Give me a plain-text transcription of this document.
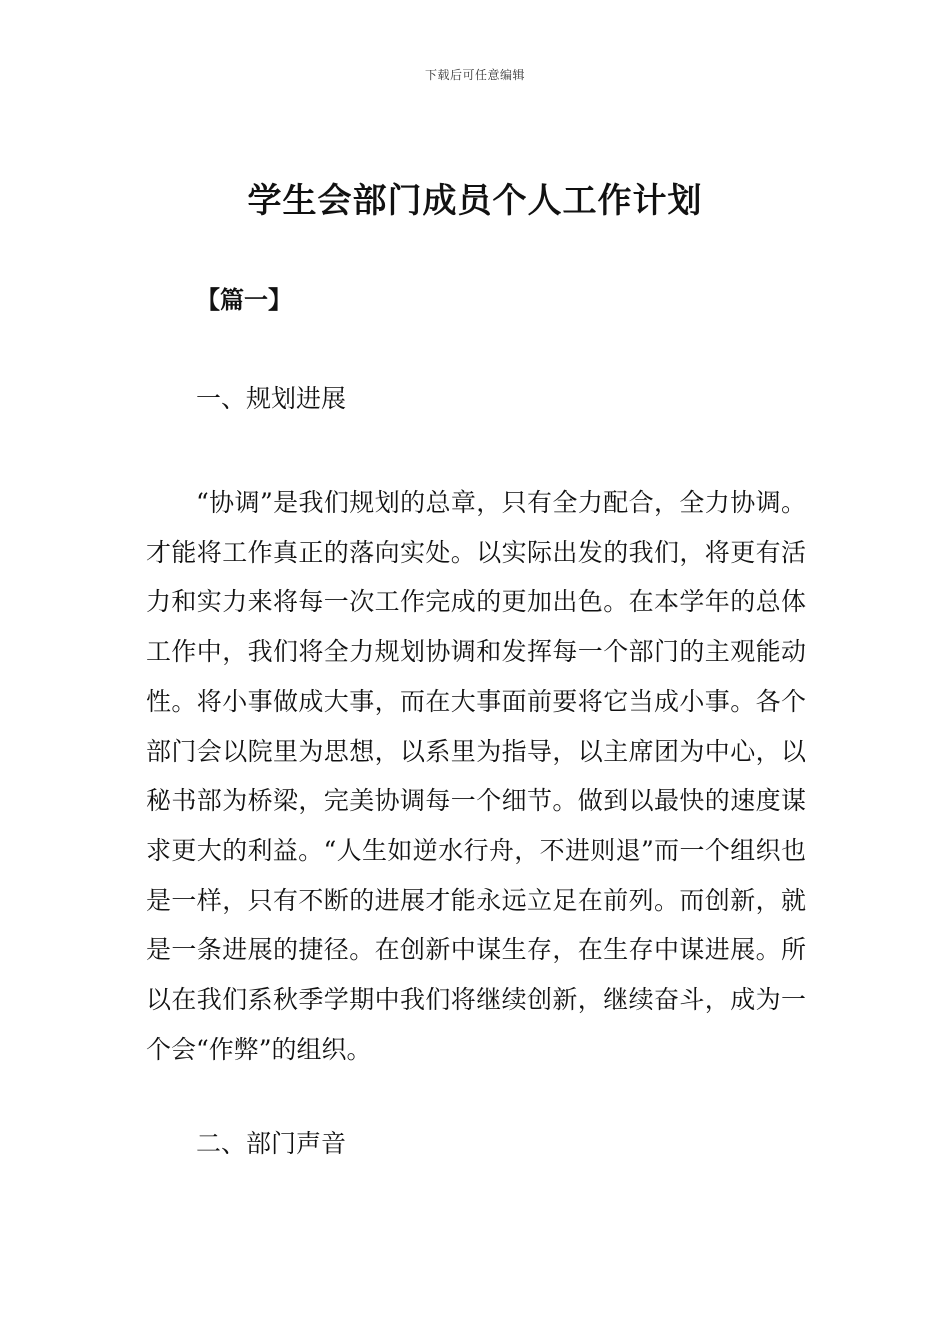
下载后可任意编辑
学生会部门成员个人工作计划
【篇一】
一、规划进展

“协调”是我们规划的总章，只有全力配合，全力协调。才能将工作真正的落向实处。以实际出发的我们，将更有活力和实力来将每一次工作完成的更加出色。在本学年的总体工作中，我们将全力规划协调和发挥每一个部门的主观能动性。将小事做成大事，而在大事面前要将它当成小事。各个部门会以院里为思想，以系里为指导，以主席团为中心，以秘书部为桥梁，完美协调每一个细节。做到以最快的速度谋求更大的利益。“人生如逆水行舟，不进则退”而一个组织也是一样，只有不断的进展才能永远立足在前列。而创新，就是一条进展的捷径。在创新中谋生存，在生存中谋进展。所以在我们系秋季学期中我们将继续创新，继续奋斗，成为一个会“作弊”的组织。

二、部门声音
